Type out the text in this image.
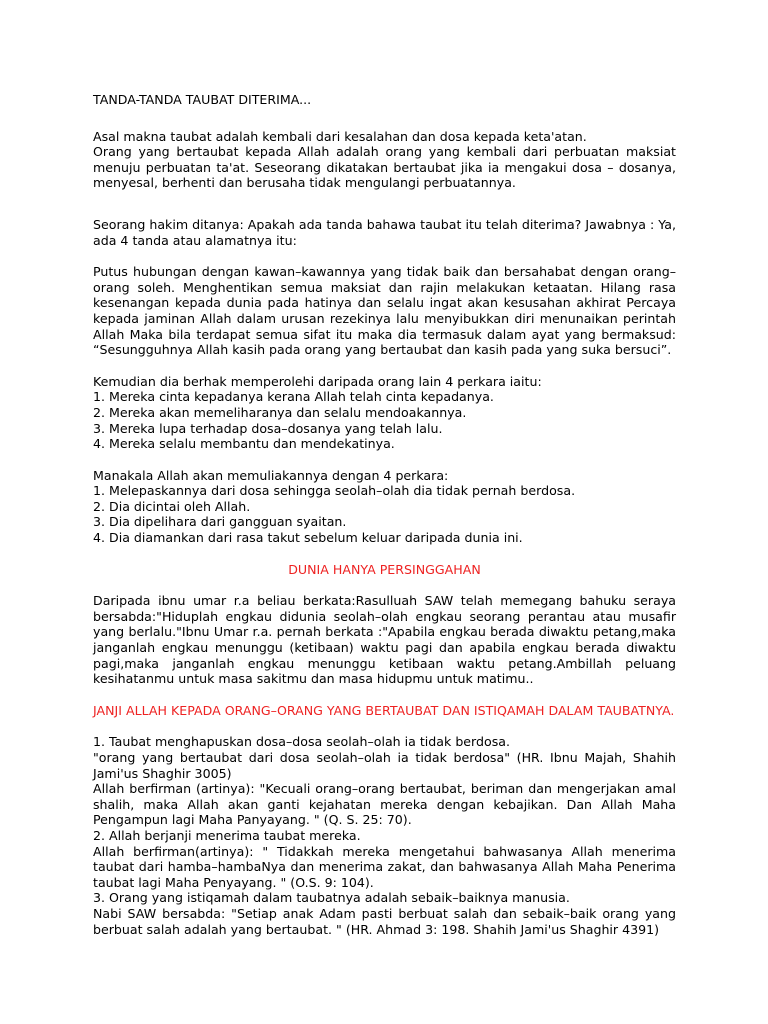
TANDA-TANDA TAUBAT DITERIMA...

Asal makna taubat adalah kembali dari kesalahan dan dosa kepada keta'atan.

Orang yang bertaubat kepada Allah adalah orang yang kembali dari perbuatan maksiat menuju perbuatan ta'at. Seseorang dikatakan bertaubat jika ia mengakui dosa – dosanya, menyesal, berhenti dan berusaha tidak mengulangi perbuatannya.

Seorang hakim ditanya: Apakah ada tanda bahawa taubat itu telah diterima? Jawabnya : Ya, ada 4 tanda atau alamatnya itu:

Putus hubungan dengan kawan–kawannya yang tidak baik dan bersahabat dengan orang–orang soleh. Menghentikan semua maksiat dan rajin melakukan ketaatan. Hilang rasa kesenangan kepada dunia pada hatinya dan selalu ingat akan kesusahan akhirat Percaya kepada jaminan Allah dalam urusan rezekinya lalu menyibukkan diri menunaikan perintah Allah Maka bila terdapat semua sifat itu maka dia termasuk dalam ayat yang bermaksud: “Sesungguhnya Allah kasih pada orang yang bertaubat dan kasih pada yang suka bersuci”.

Kemudian dia berhak memperolehi daripada orang lain 4 perkara iaitu:

1. Mereka cinta kepadanya kerana Allah telah cinta kepadanya.

2. Mereka akan memeliharanya dan selalu mendoakannya.

3. Mereka lupa terhadap dosa–dosanya yang telah lalu.

4. Mereka selalu membantu dan mendekatinya.

Manakala Allah akan memuliakannya dengan 4 perkara:

1. Melepaskannya dari dosa sehingga seolah–olah dia tidak pernah berdosa.

2. Dia dicintai oleh Allah.

3. Dia dipelihara dari gangguan syaitan.

4. Dia diamankan dari rasa takut sebelum keluar daripada dunia ini.

DUNIA HANYA PERSINGGAHAN

Daripada ibnu umar r.a beliau berkata:Rasulluah SAW telah memegang bahuku seraya bersabda:"Hiduplah engkau didunia seolah–olah engkau seorang perantau atau musafir yang berlalu."Ibnu Umar r.a. pernah berkata :"Apabila engkau berada diwaktu petang,maka janganlah engkau menunggu (ketibaan) waktu pagi dan apabila engkau berada diwaktu pagi,maka janganlah engkau menunggu ketibaan waktu petang.Ambillah peluang kesihatanmu untuk masa sakitmu dan masa hidupmu untuk matimu..

JANJI ALLAH KEPADA ORANG–ORANG YANG BERTAUBAT DAN ISTIQAMAH DALAM TAUBATNYA.

1. Taubat menghapuskan dosa–dosa seolah–olah ia tidak berdosa.

"orang yang bertaubat dari dosa seolah–olah ia tidak berdosa" (HR. Ibnu Majah, Shahih Jami'us Shaghir 3005)

Allah berfirman (artinya): "Kecuali orang–orang bertaubat, beriman dan mengerjakan amal shalih, maka Allah akan ganti kejahatan mereka dengan kebajikan. Dan Allah Maha Pengampun lagi Maha Panyayang. " (Q. S. 25: 70).

2. Allah berjanji menerima taubat mereka.

Allah berfirman(artinya): " Tidakkah mereka mengetahui bahwasanya Allah menerima taubat dari hamba–hambaNya dan menerima zakat, dan bahwasanya Allah Maha Penerima taubat lagi Maha Penyayang. " (O.S. 9: 104).

3. Orang yang istiqamah dalam taubatnya adalah sebaik–baiknya manusia.

Nabi SAW bersabda: "Setiap anak Adam pasti berbuat salah dan sebaik–baik orang yang berbuat salah adalah yang bertaubat. " (HR. Ahmad 3: 198. Shahih Jami'us Shaghir 4391)
